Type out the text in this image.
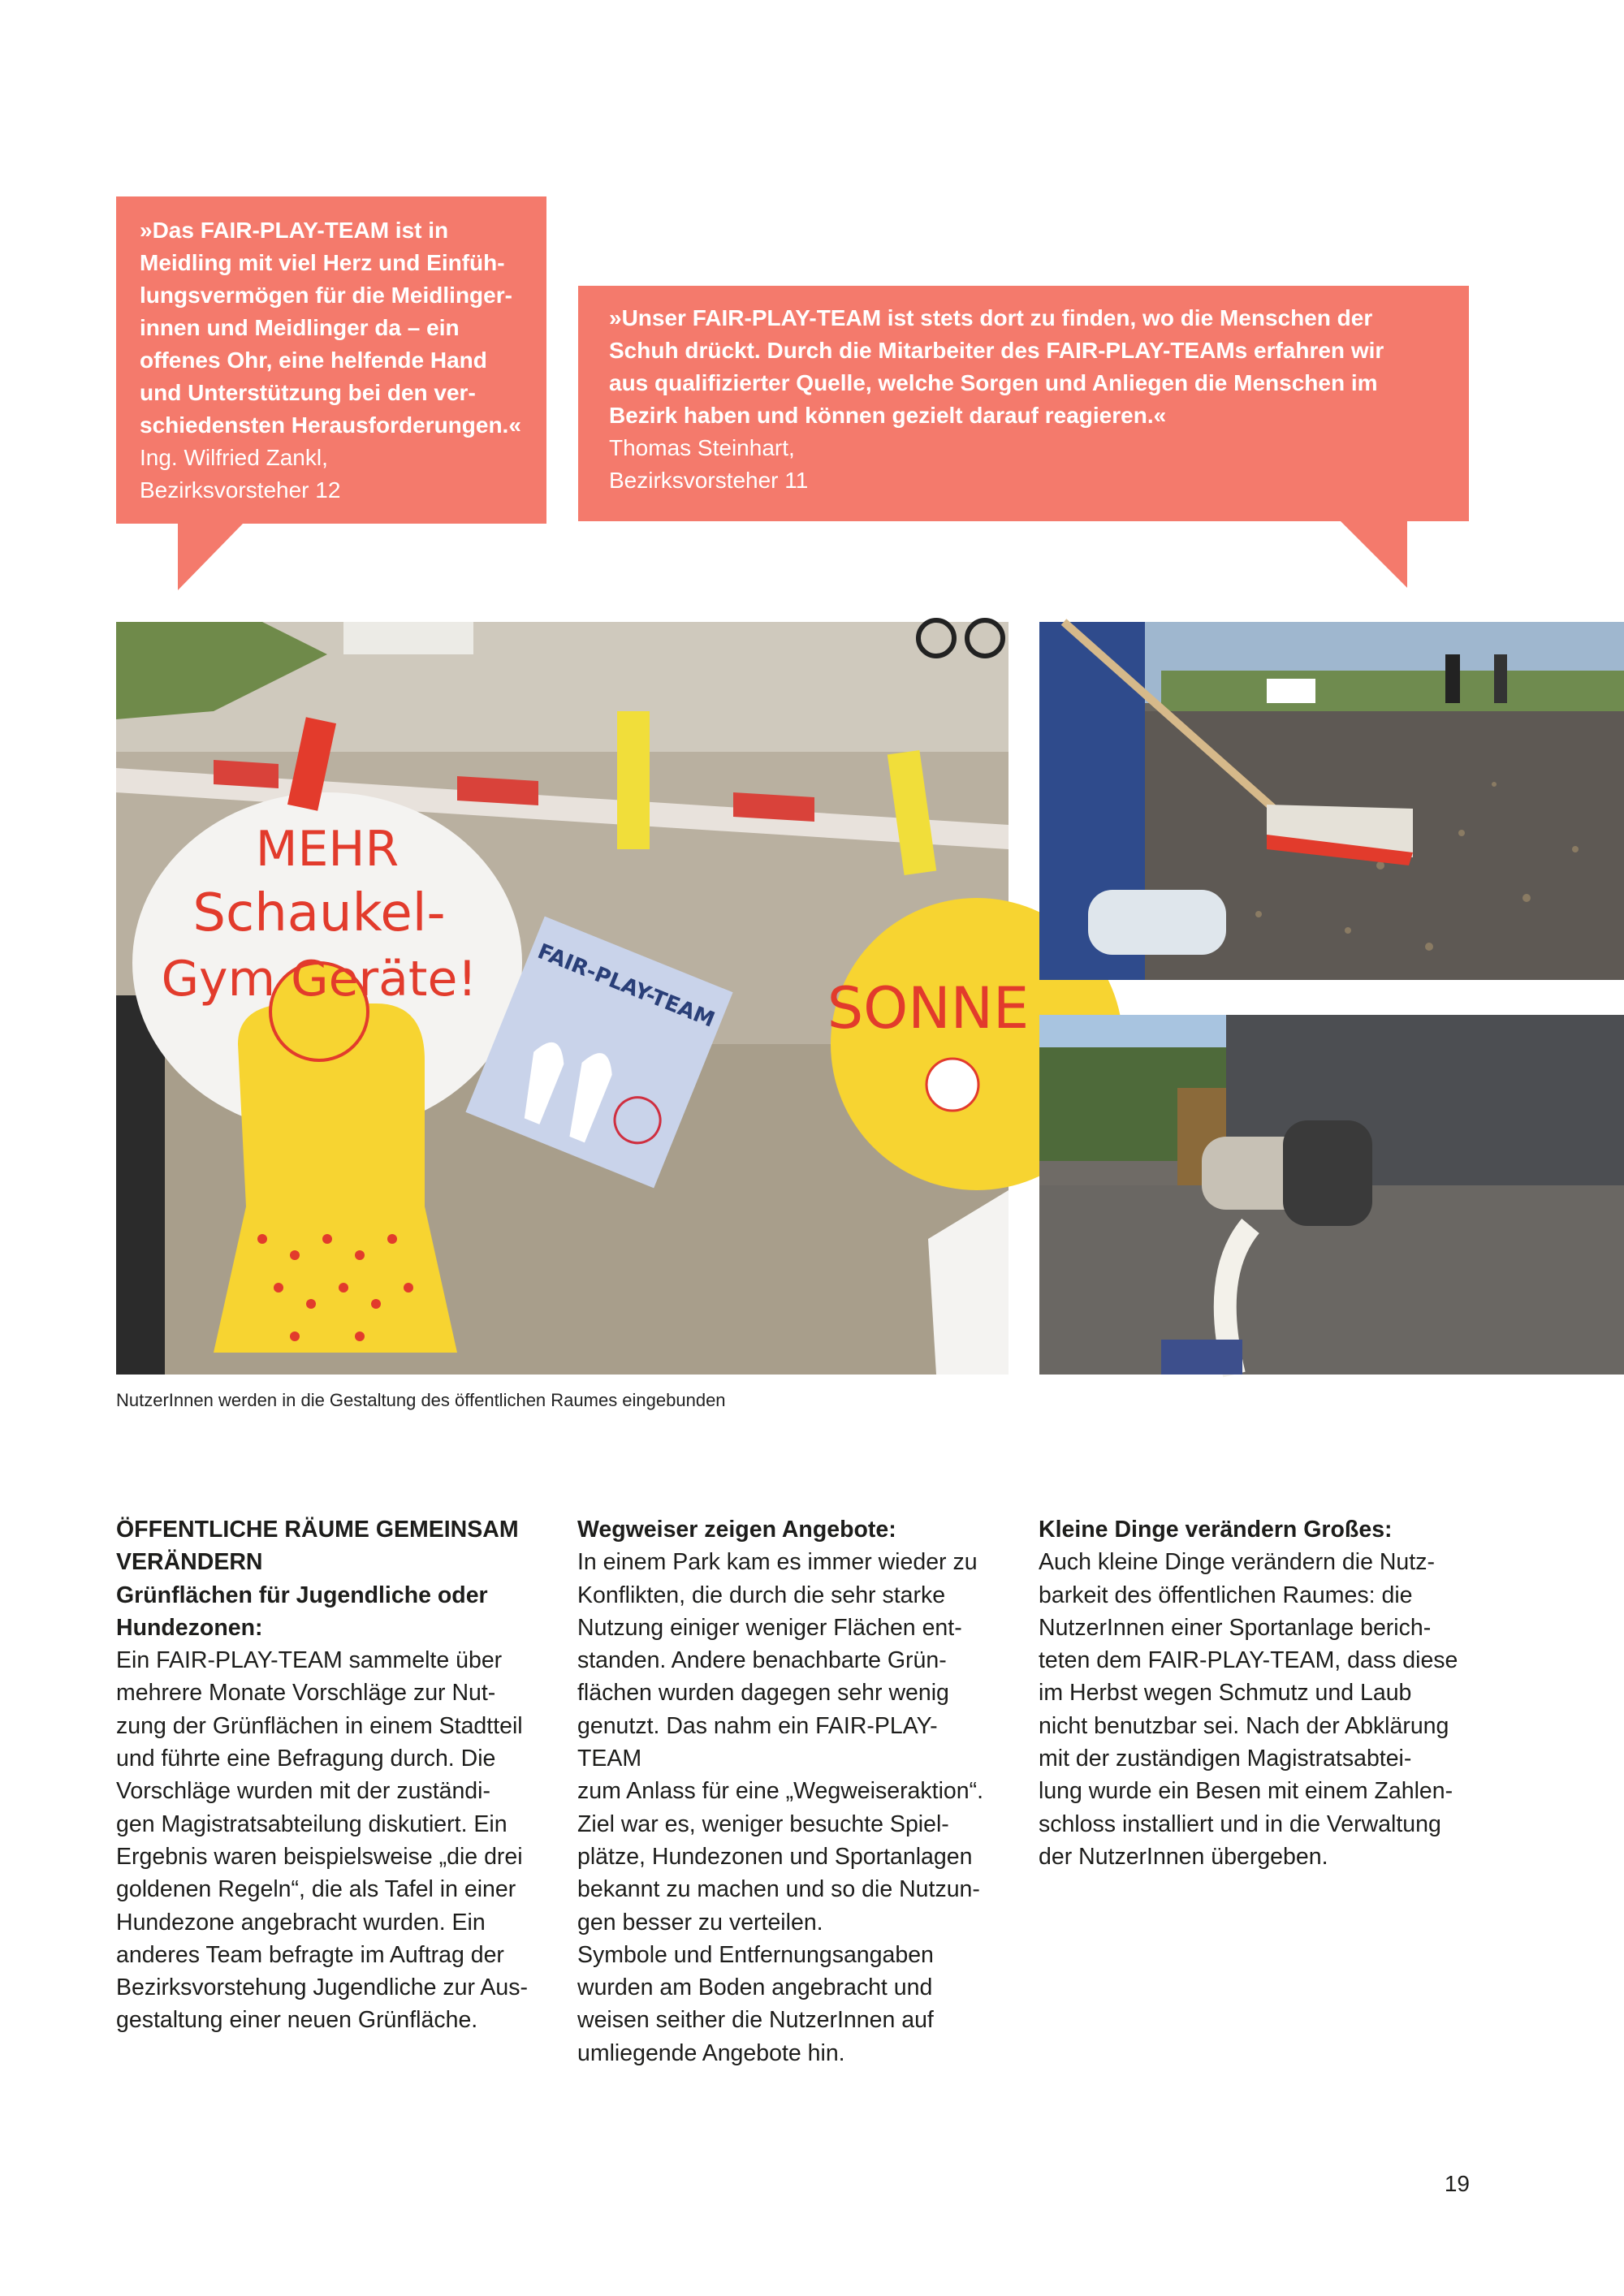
»Das FAIR-PLAY-TEAM ist in

Meidling mit viel Herz und Einfüh-

lungsvermögen für die Meidlinger-

innen und Meidlinger da – ein

offenes Ohr, eine helfende Hand

und Unterstützung bei den ver-

schiedensten Herausforderungen.«

Ing. Wilfried Zankl,

Bezirksvorsteher 12

»Unser FAIR-PLAY-TEAM ist stets dort zu finden, wo die Menschen der

Schuh drückt. Durch die Mitarbeiter des FAIR-PLAY-TEAMs erfahren wir

aus qualifizierter Quelle, welche Sorgen und Anliegen die Menschen im

Bezirk haben und können gezielt darauf reagieren.«

Thomas Steinhart,

Bezirksvorsteher 11

MEHR
Schaukel-
Gym Geräte!	FAIR-PLAY-TEAM SONNE
NutzerInnen werden in die Gestaltung des öffentlichen Raumes eingebunden

ÖFFENTLICHE RÄUME GEMEINSAM

VERÄNDERN

Grünflächen für Jugendliche oder

Hundezonen:

Ein FAIR-PLAY-TEAM sammelte über

mehrere Monate Vorschläge zur Nut-

zung der Grünflächen in einem Stadtteil

und führte eine Befragung durch. Die

Vorschläge wurden mit der zuständi-

gen Magistratsabteilung diskutiert. Ein

Ergebnis waren beispielsweise „die drei

goldenen Regeln“, die als Tafel in einer

Hundezone angebracht wurden. Ein

anderes Team befragte im Auftrag der

Bezirksvorstehung Jugendliche zur Aus-

gestaltung einer neuen Grünfläche.

Wegweiser zeigen Angebote:

In einem Park kam es immer wieder zu

Konflikten, die durch die sehr starke

Nutzung einiger weniger Flächen ent-

standen. Andere benachbarte Grün-

flächen wurden dagegen sehr wenig

genutzt. Das nahm ein FAIR-PLAY-TEAM

zum Anlass für eine „Wegweiseraktion“.

Ziel war es, weniger besuchte Spiel-

plätze, Hundezonen und Sportanlagen

bekannt zu machen und so die Nutzun-

gen besser zu verteilen.

Symbole und Entfernungsangaben

wurden am Boden angebracht und

weisen seither die NutzerInnen auf

umliegende Angebote hin.

Kleine Dinge verändern Großes:

Auch kleine Dinge verändern die Nutz-

barkeit des öffentlichen Raumes: die

NutzerInnen einer Sportanlage berich-

teten dem FAIR-PLAY-TEAM, dass diese

im Herbst wegen Schmutz und Laub

nicht benutzbar sei. Nach der Abklärung

mit der zuständigen Magistratsabtei-

lung wurde ein Besen mit einem Zahlen-

schloss installiert und in die Verwaltung

der NutzerInnen übergeben.

19
